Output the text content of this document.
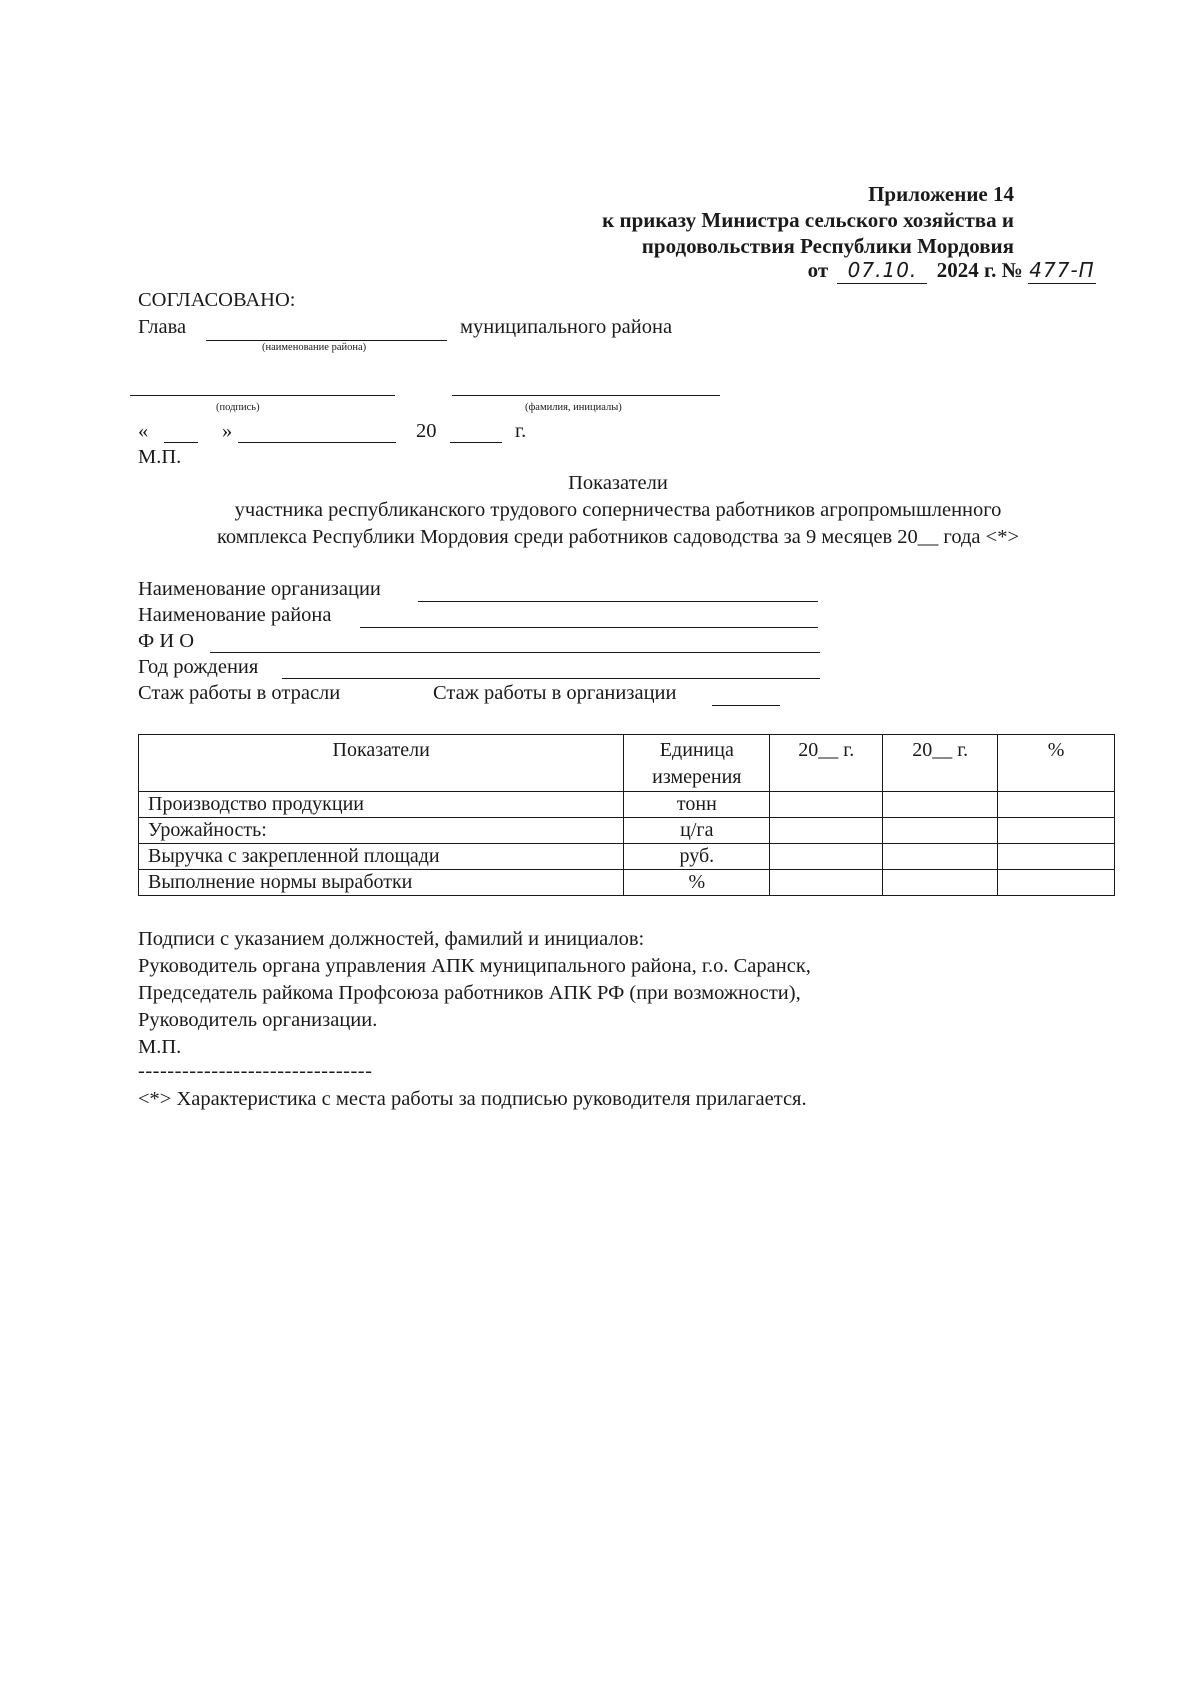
Приложение 14
к приказу Министра сельского хозяйства и
продовольствия Республики Мордовия
от 07.10. 2024 г. № 477-П
СОГЛАСОВАНО:
Глава	муниципального района
(наименование района)
(подпись)	(фамилия, инициалы)
«	»	20	г.
М.П.
Показатели
участника республиканского трудового соперничества работников агропромышленного
комплекса Республики Мордовия среди работников садоводства за 9 месяцев 20__ года <*>
Наименование организации
Наименование района
Ф И О
Год рождения
Стаж работы в отрасли	Стаж работы в организации
Показатели	Единица измерения	20__ г.	20__ г.	%
Производство продукции	тонн			
Урожайность:	ц/га			
Выручка с закрепленной площади	руб.			
Выполнение нормы выработки	%			
Подписи с указанием должностей, фамилий и инициалов:
Руководитель органа управления АПК муниципального района, г.о. Саранск,
Председатель райкома Профсоюза работников АПК РФ (при возможности),
Руководитель организации.
М.П.
--------------------------------
<*> Характеристика с места работы за подписью руководителя прилагается.
